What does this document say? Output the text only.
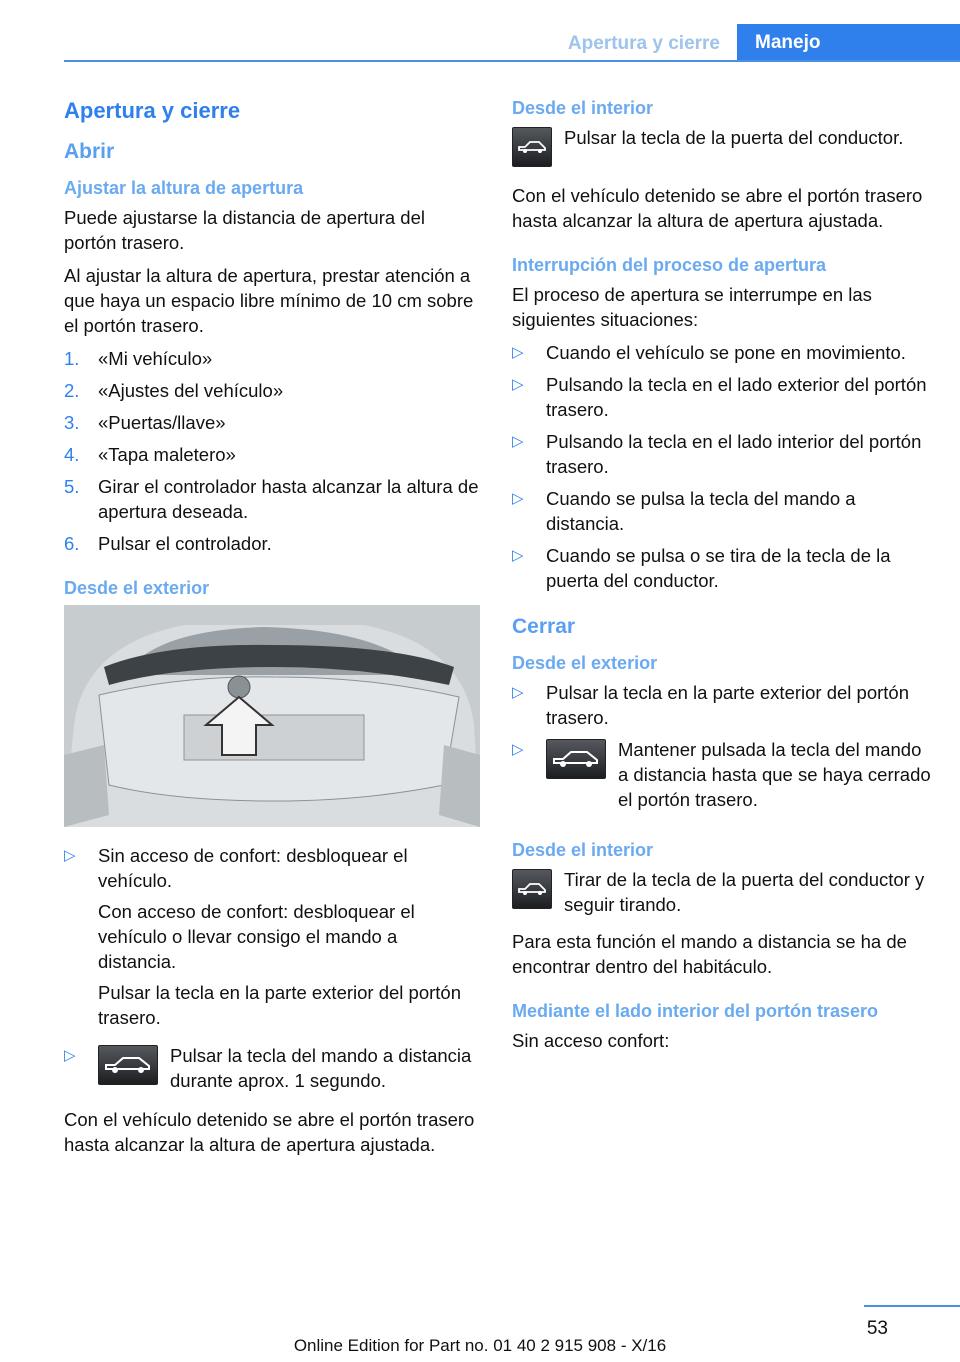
Apertura y cierre	Manejo
Apertura y cierre
Abrir
Ajustar la altura de apertura
Puede ajustarse la distancia de apertura del portón trasero.
Al ajustar la altura de apertura, prestar atención a que haya un espacio libre mínimo de 10 cm sobre el portón trasero.
1.	«Mi vehículo»
2.	«Ajustes del vehículo»
3.	«Puertas/llave»
4.	«Tapa maletero»
5.	Girar el controlador hasta alcanzar la altura de apertura deseada.
6.	Pulsar el controlador.
Desde el exterior
▷	Sin acceso de confort: desbloquear el vehículo.
Con acceso de confort: desbloquear el vehículo o llevar consigo el mando a distancia.
Pulsar la tecla en la parte exterior del portón trasero.
▷	Pulsar la tecla del mando a distancia durante aprox. 1 segundo.
Con el vehículo detenido se abre el portón trasero hasta alcanzar la altura de apertura ajustada.
Desde el interior
Pulsar la tecla de la puerta del conductor.
Con el vehículo detenido se abre el portón trasero hasta alcanzar la altura de apertura ajustada.
Interrupción del proceso de apertura
El proceso de apertura se interrumpe en las siguientes situaciones:
▷	Cuando el vehículo se pone en movimiento.
▷	Pulsando la tecla en el lado exterior del portón trasero.
▷	Pulsando la tecla en el lado interior del portón trasero.
▷	Cuando se pulsa la tecla del mando a distancia.
▷	Cuando se pulsa o se tira de la tecla de la puerta del conductor.
Cerrar
Desde el exterior
▷	Pulsar la tecla en la parte exterior del portón trasero.
▷	Mantener pulsada la tecla del mando a distancia hasta que se haya cerrado el portón trasero.
Desde el interior
Tirar de la tecla de la puerta del conductor y seguir tirando.
Para esta función el mando a distancia se ha de encontrar dentro del habitáculo.
Mediante el lado interior del portón trasero
Sin acceso confort:
53
Online Edition for Part no. 01 40 2 915 908 - X/16
